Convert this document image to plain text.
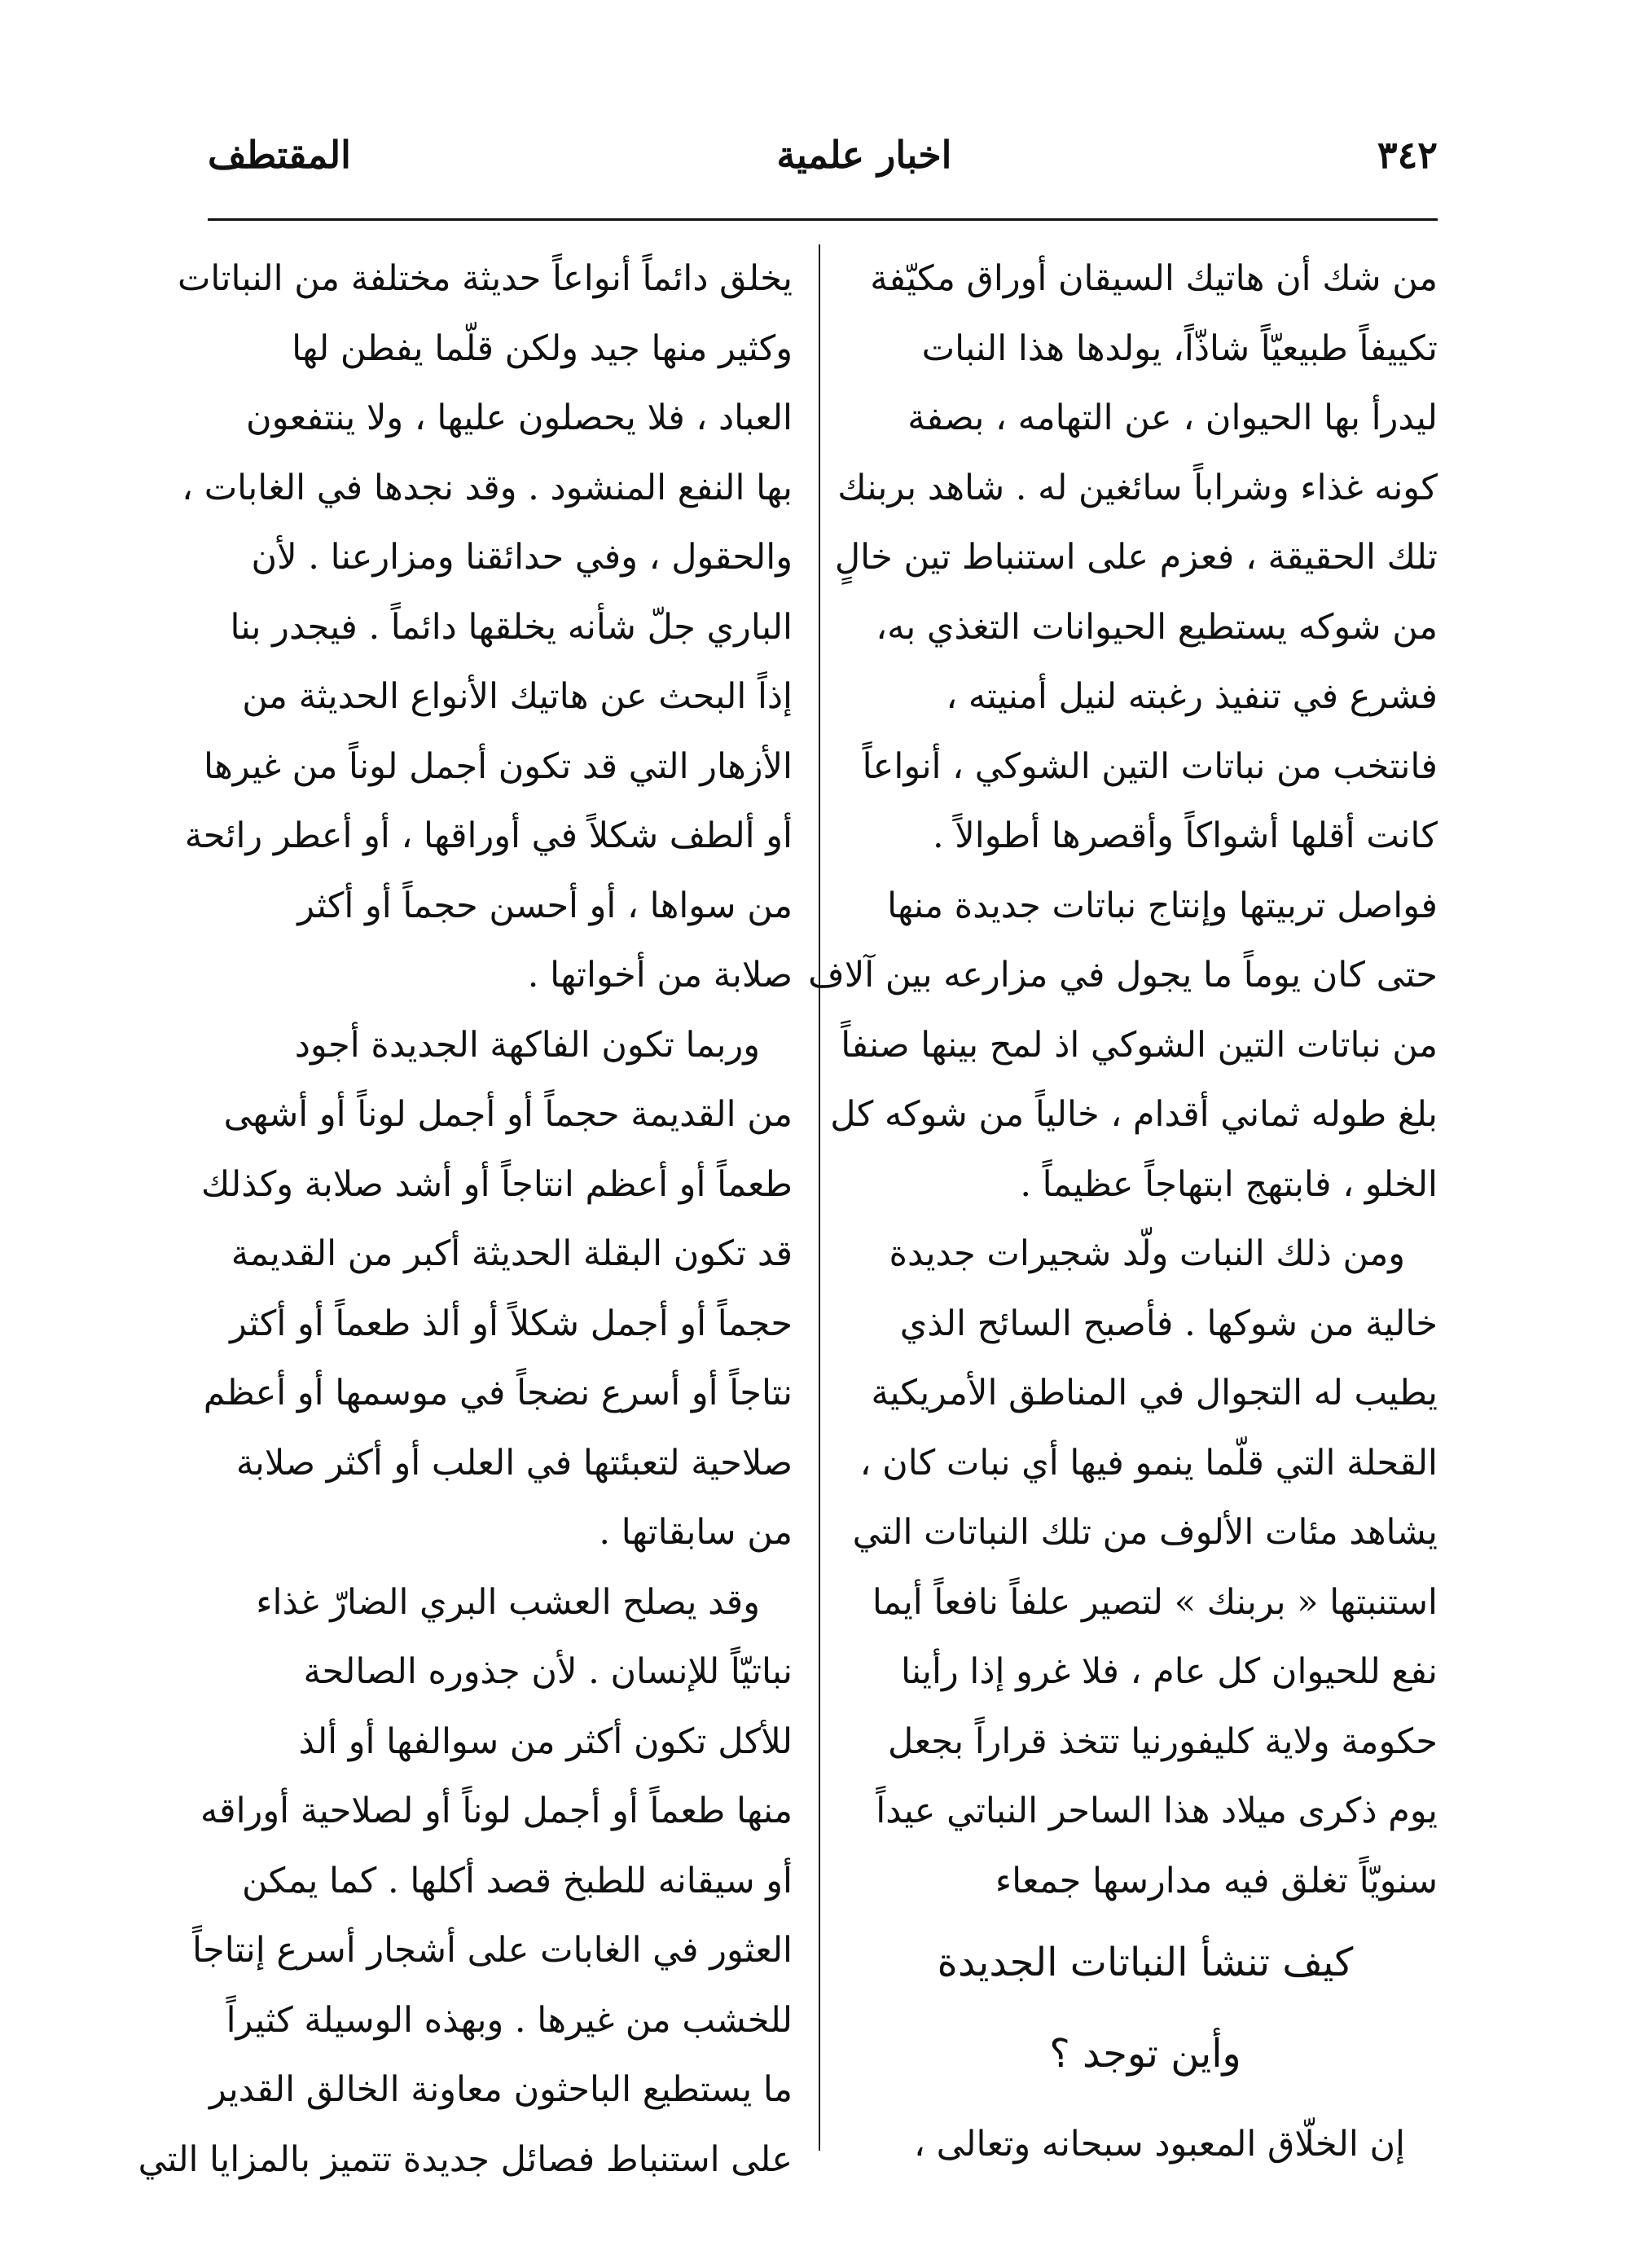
٣٤٢
اخبار علمية
المقتطف
من شك أن هاتيك السيقان أوراق مكيّفة
تكييفاً طبيعيّاً شاذّاً، يولدها هذا النبات
ليدرأ بها الحيوان ، عن التهامه ، بصفة
كونه غذاء وشراباً سائغين له . شاهد بربنك
تلك الحقيقة ، فعزم على استنباط تين خالٍ
من شوكه يستطيع الحيوانات التغذي به،
فشرع في تنفيذ رغبته لنيل أمنيته ،
فانتخب من نباتات التين الشوكي ، أنواعاً
كانت أقلها أشواكاً وأقصرها أطوالاً .
فواصل تربيتها وإنتاج نباتات جديدة منها
حتى كان يوماً ما يجول في مزارعه بين آلاف
من نباتات التين الشوكي اذ لمح بينها صنفاً
بلغ طوله ثماني أقدام ، خالياً من شوكه كل
الخلو ، فابتهج ابتهاجاً عظيماً .
ومن ذلك النبات ولّد شجيرات جديدة
خالية من شوكها . فأصبح السائح الذي
يطيب له التجوال في المناطق الأمريكية
القحلة التي قلّما ينمو فيها أي نبات كان ،
يشاهد مئات الألوف من تلك النباتات التي
استنبتها « بربنك » لتصير علفاً نافعاً أيما
نفع للحيوان كل عام ، فلا غرو إذا رأينا
حكومة ولاية كليفورنيا تتخذ قراراً بجعل
يوم ذكرى ميلاد هذا الساحر النباتي عيداً
سنويّاً تغلق فيه مدارسها جمعاء
كيف تنشأ النباتات الجديدة
وأين توجد ؟
إن الخلّاق المعبود سبحانه وتعالى ،
يخلق دائماً أنواعاً حديثة مختلفة من النباتات
وكثير منها جيد ولكن قلّما يفطن لها
العباد ، فلا يحصلون عليها ، ولا ينتفعون
بها النفع المنشود . وقد نجدها في الغابات ،
والحقول ، وفي حدائقنا ومزارعنا . لأن
الباري جلّ شأنه يخلقها دائماً . فيجدر بنا
إذاً البحث عن هاتيك الأنواع الحديثة من
الأزهار التي قد تكون أجمل لوناً من غيرها
أو ألطف شكلاً في أوراقها ، أو أعطر رائحة
من سواها ، أو أحسن حجماً أو أكثر
صلابة من أخواتها .
وربما تكون الفاكهة الجديدة أجود
من القديمة حجماً أو أجمل لوناً أو أشهى
طعماً أو أعظم انتاجاً أو أشد صلابة وكذلك
قد تكون البقلة الحديثة أكبر من القديمة
حجماً أو أجمل شكلاً أو ألذ طعماً أو أكثر
نتاجاً أو أسرع نضجاً في موسمها أو أعظم
صلاحية لتعبئتها في العلب أو أكثر صلابة
من سابقاتها .
وقد يصلح العشب البري الضارّ غذاء
نباتيّاً للإنسان . لأن جذوره الصالحة
للأكل تكون أكثر من سوالفها أو ألذ
منها طعماً أو أجمل لوناً أو لصلاحية أوراقه
أو سيقانه للطبخ قصد أكلها . كما يمكن
العثور في الغابات على أشجار أسرع إنتاجاً
للخشب من غيرها . وبهذه الوسيلة كثيراً
ما يستطيع الباحثون معاونة الخالق القدير
على استنباط فصائل جديدة تتميز بالمزايا التي
